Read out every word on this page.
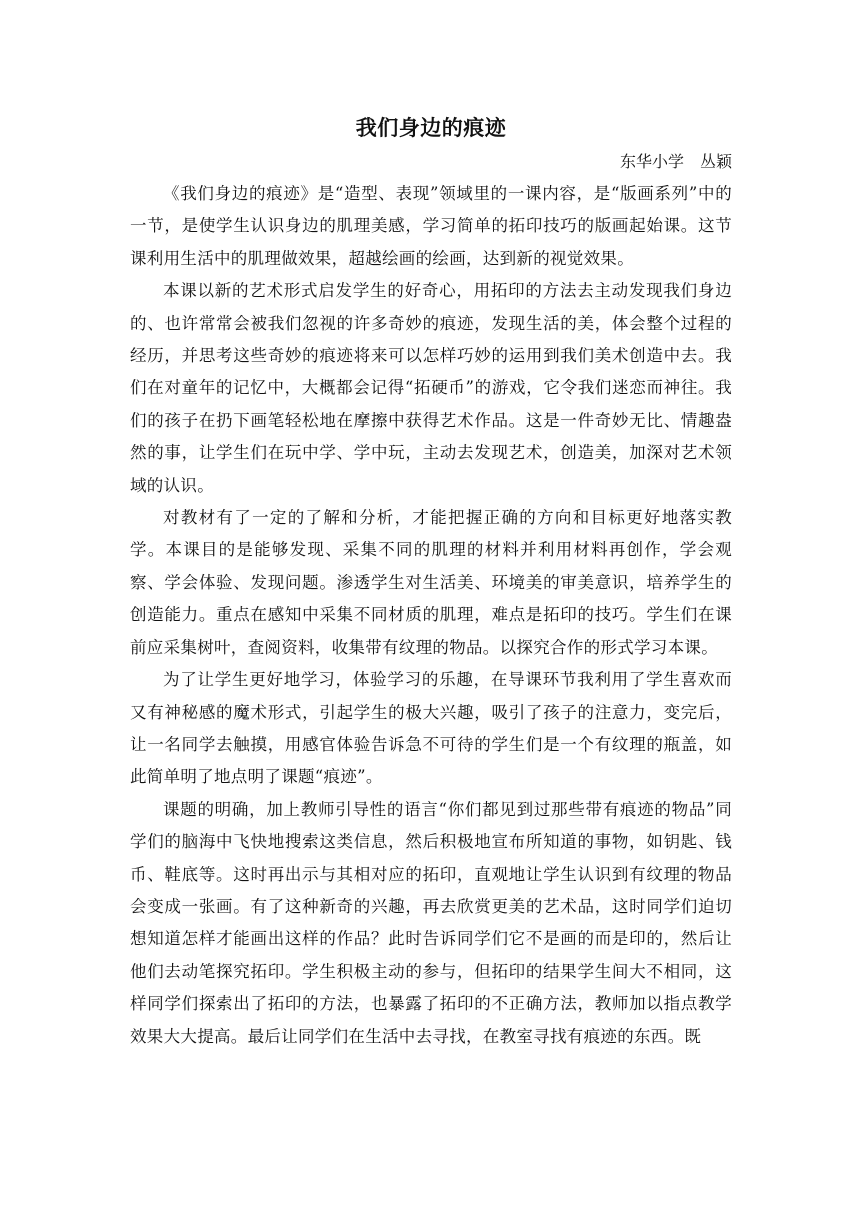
我们身边的痕迹

东华小学　丛颖

《我们身边的痕迹》是“造型、表现”领域里的一课内容，是“版画系列”中的一节，是使学生认识身边的肌理美感，学习简单的拓印技巧的版画起始课。这节课利用生活中的肌理做效果，超越绘画的绘画，达到新的视觉效果。

本课以新的艺术形式启发学生的好奇心，用拓印的方法去主动发现我们身边的、也许常常会被我们忽视的许多奇妙的痕迹，发现生活的美，体会整个过程的经历，并思考这些奇妙的痕迹将来可以怎样巧妙的运用到我们美术创造中去。我们在对童年的记忆中，大概都会记得“拓硬币”的游戏，它令我们迷恋而神往。我们的孩子在扔下画笔轻松地在摩擦中获得艺术作品。这是一件奇妙无比、情趣盎然的事，让学生们在玩中学、学中玩，主动去发现艺术，创造美，加深对艺术领域的认识。

对教材有了一定的了解和分析，才能把握正确的方向和目标更好地落实教学。本课目的是能够发现、采集不同的肌理的材料并利用材料再创作，学会观察、学会体验、发现问题。渗透学生对生活美、环境美的审美意识，培养学生的创造能力。重点在感知中采集不同材质的肌理，难点是拓印的技巧。学生们在课前应采集树叶，查阅资料，收集带有纹理的物品。以探究合作的形式学习本课。

为了让学生更好地学习，体验学习的乐趣，在导课环节我利用了学生喜欢而又有神秘感的魔术形式，引起学生的极大兴趣，吸引了孩子的注意力，变完后，让一名同学去触摸，用感官体验告诉急不可待的学生们是一个有纹理的瓶盖，如此简单明了地点明了课题“痕迹”。

课题的明确，加上教师引导性的语言“你们都见到过那些带有痕迹的物品”同学们的脑海中飞快地搜索这类信息，然后积极地宣布所知道的事物，如钥匙、钱币、鞋底等。这时再出示与其相对应的拓印，直观地让学生认识到有纹理的物品会变成一张画。有了这种新奇的兴趣，再去欣赏更美的艺术品，这时同学们迫切想知道怎样才能画出这样的作品？此时告诉同学们它不是画的而是印的，然后让他们去动笔探究拓印。学生积极主动的参与，但拓印的结果学生间大不相同，这样同学们探索出了拓印的方法，也暴露了拓印的不正确方法，教师加以指点教学效果大大提高。最后让同学们在生活中去寻找，在教室寻找有痕迹的东西。既
